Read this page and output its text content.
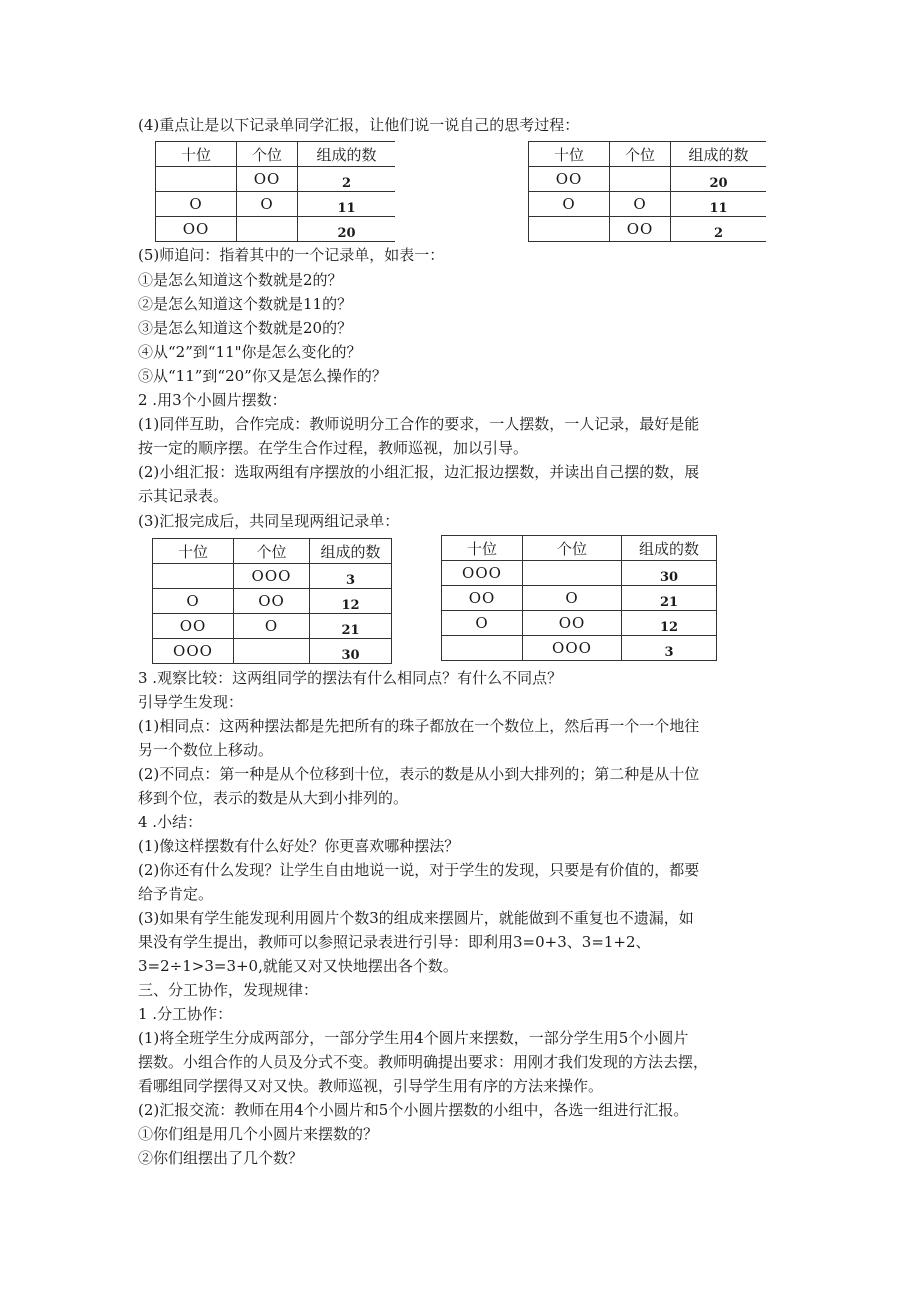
(4)重点让是以下记录单同学汇报，让他们说一说自己的思考过程：
十位	个位	组成的数
	OO	2
O	O	11
OO		20
十位	个位	组成的数
OO		20
O	O	11
	OO	2
(5)师追问：指着其中的一个记录单，如表一：
①是怎么知道这个数就是2的？
②是怎么知道这个数就是11的？
③是怎么知道这个数就是20的？
④从“2”到“11"你是怎么变化的？
⑤从“11”到“20”你又是怎么操作的？
2 .用3个小圆片摆数：
(1)同伴互助，合作完成：教师说明分工合作的要求，一人摆数，一人记录，最好是能
按一定的顺序摆。在学生合作过程，教师巡视，加以引导。
(2)小组汇报：选取两组有序摆放的小组汇报，边汇报边摆数，并读出自己摆的数，展
示其记录表。
(3)汇报完成后，共同呈现两组记录单：
十位	个位	组成的数
	OOO	3
O	OO	12
OO	O	21
OOO		30
十位	个位	组成的数
OOO		30
OO	O	21
O	OO	12
	OOO	3
3 .观察比较：这两组同学的摆法有什么相同点？有什么不同点？
引导学生发现：
(1)相同点：这两种摆法都是先把所有的珠子都放在一个数位上，然后再一个一个地往
另一个数位上移动。
(2)不同点：第一种是从个位移到十位，表示的数是从小到大排列的；第二种是从十位
移到个位，表示的数是从大到小排列的。
4 .小结：
(1)像这样摆数有什么好处？你更喜欢哪种摆法？
(2)你还有什么发现？让学生自由地说一说，对于学生的发现，只要是有价值的，都要
给予肯定。
(3)如果有学生能发现利用圆片个数3的组成来摆圆片，就能做到不重复也不遗漏，如
果没有学生提出，教师可以参照记录表进行引导：即利用3=0+3、3=1+2、
3=2÷1>3=3+0,就能又对又快地摆出各个数。
三、分工协作，发现规律：
1 .分工协作：
(1)将全班学生分成两部分，一部分学生用4个圆片来摆数，一部分学生用5个小圆片
摆数。小组合作的人员及分式不变。教师明确提出要求：用刚才我们发现的方法去摆，
看哪组同学摆得又对又快。教师巡视，引导学生用有序的方法来操作。
(2)汇报交流：教师在用4个小圆片和5个小圆片摆数的小组中，各选一组进行汇报。
①你们组是用几个小圆片来摆数的？
②你们组摆出了几个数？
